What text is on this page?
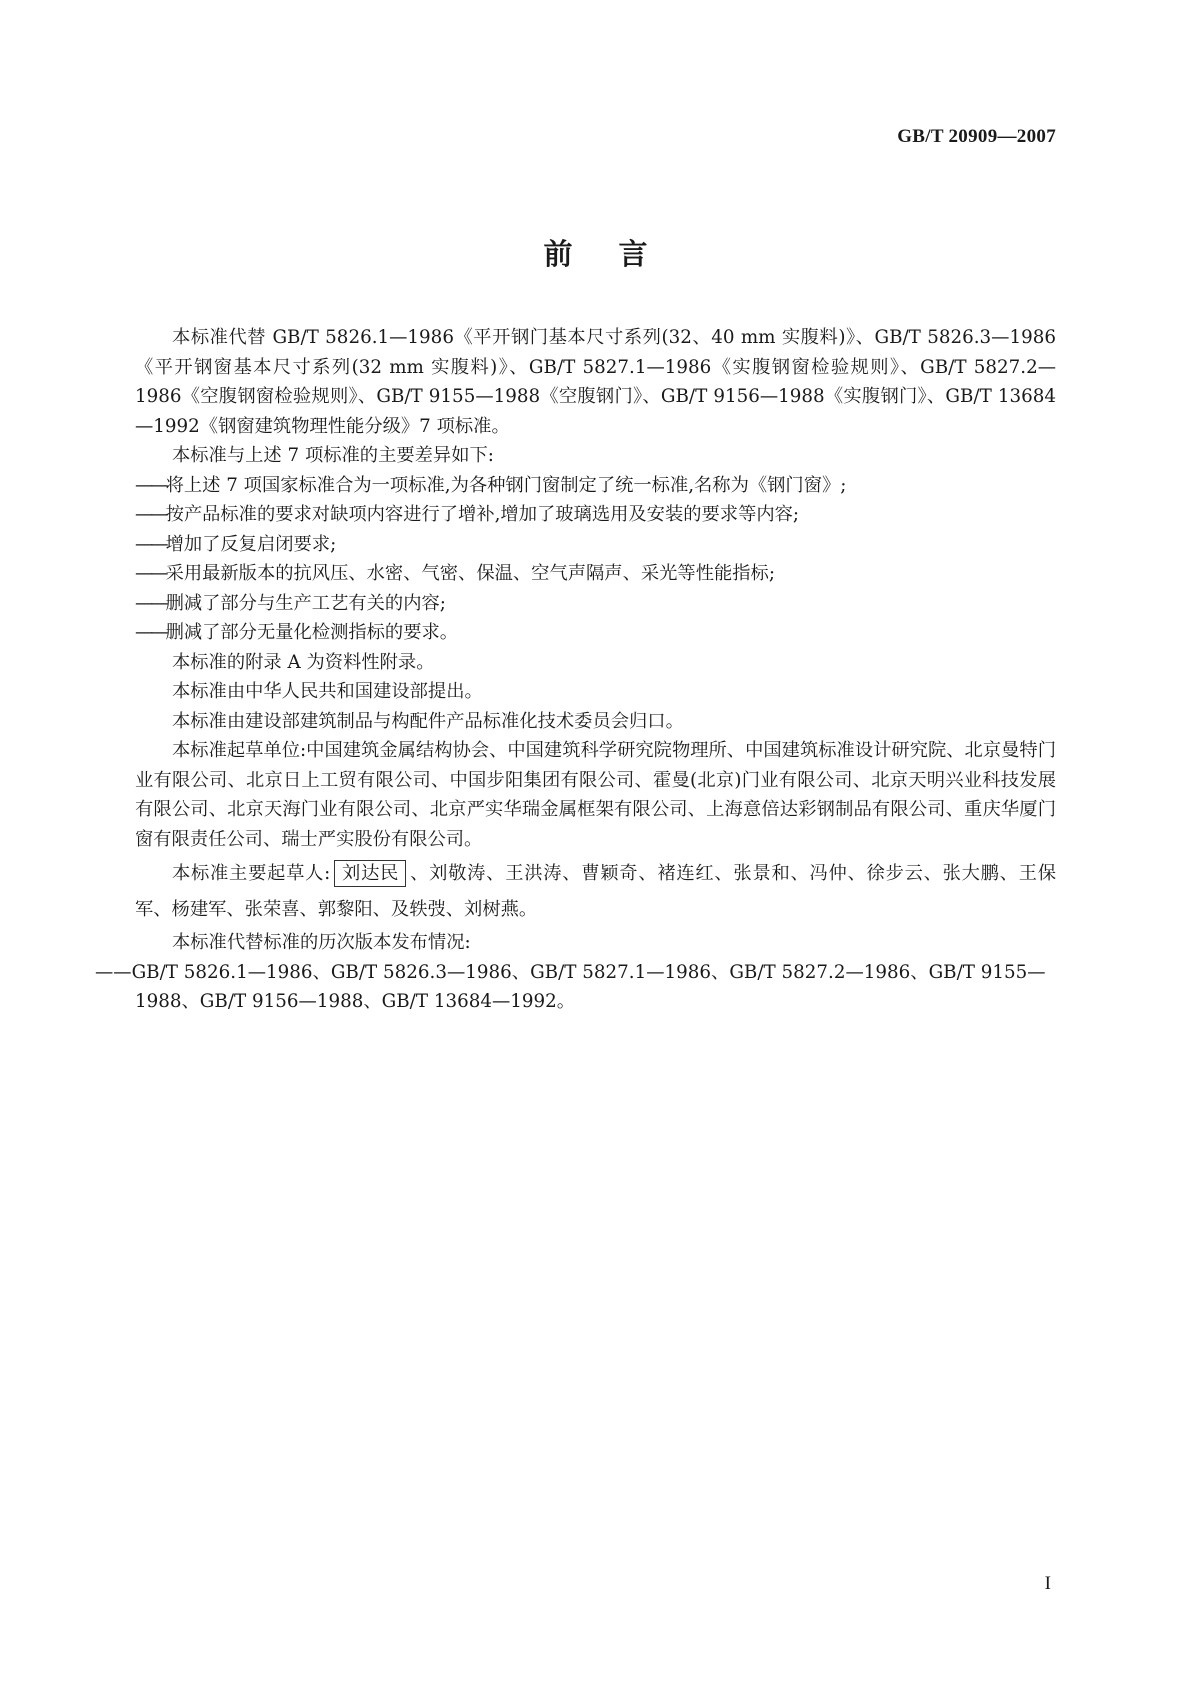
GB/T 20909—2007
前言

本标准代替 GB/T 5826.1—1986《平开钢门基本尺寸系列(32、40 mm 实腹料)》、GB/T 5826.3—1986《平开钢窗基本尺寸系列(32 mm 实腹料)》、GB/T 5827.1—1986《实腹钢窗检验规则》、GB/T 5827.2—1986《空腹钢窗检验规则》、GB/T 9155—1988《空腹钢门》、GB/T 9156—1988《实腹钢门》、GB/T 13684—1992《钢窗建筑物理性能分级》7 项标准。

本标准与上述 7 项标准的主要差异如下:

——将上述 7 项国家标准合为一项标准,为各种钢门窗制定了统一标准,名称为《钢门窗》;

——按产品标准的要求对缺项内容进行了增补,增加了玻璃选用及安装的要求等内容;

——增加了反复启闭要求;

——采用最新版本的抗风压、水密、气密、保温、空气声隔声、采光等性能指标;

——删减了部分与生产工艺有关的内容;

——删减了部分无量化检测指标的要求。

本标准的附录 A 为资料性附录。

本标准由中华人民共和国建设部提出。

本标准由建设部建筑制品与构配件产品标准化技术委员会归口。

本标准起草单位:中国建筑金属结构协会、中国建筑科学研究院物理所、中国建筑标准设计研究院、北京曼特门业有限公司、北京日上工贸有限公司、中国步阳集团有限公司、霍曼(北京)门业有限公司、北京天明兴业科技发展有限公司、北京天海门业有限公司、北京严实华瑞金属框架有限公司、上海意倍达彩钢制品有限公司、重庆华厦门窗有限责任公司、瑞士严实股份有限公司。

本标准主要起草人: 刘达民 、刘敬涛、王洪涛、曹颖奇、褚连红、张景和、冯仲、徐步云、张大鹏、王保军、杨建军、张荣喜、郭黎阳、及轶弢、刘树燕。

本标准代替标准的历次版本发布情况:

——GB/T 5826.1—1986、GB/T 5826.3—1986、GB/T 5827.1—1986、GB/T 5827.2—1986、GB/T 9155—1988、GB/T 9156—1988、GB/T 13684—1992。

I
